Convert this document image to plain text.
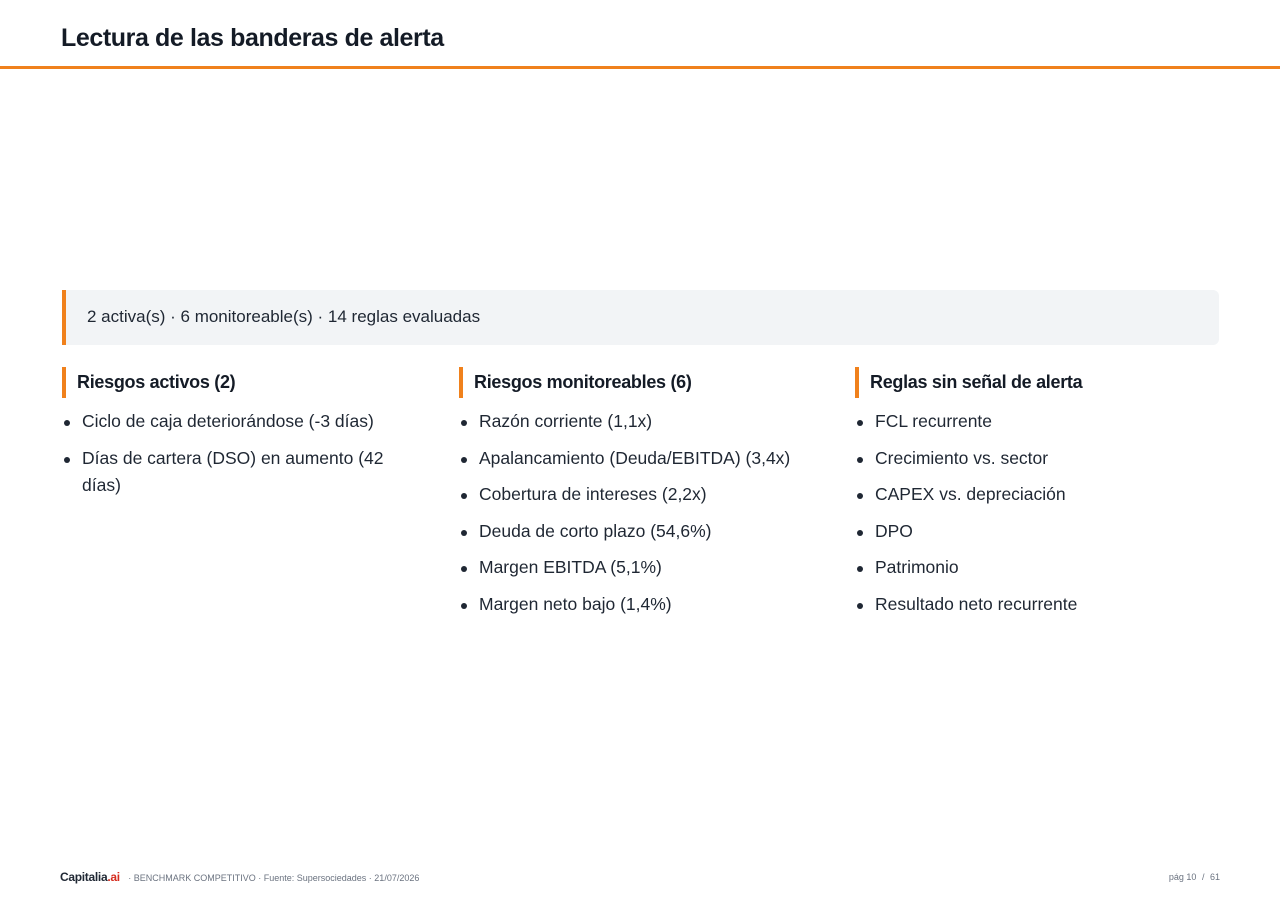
Lectura de las banderas de alerta
2 activa(s) · 6 monitoreable(s) · 14 reglas evaluadas
Riesgos activos (2)
Ciclo de caja deteriorándose (-3 días)
Días de cartera (DSO) en aumento (42 días)
Riesgos monitoreables (6)
Razón corriente (1,1x)
Apalancamiento (Deuda/EBITDA) (3,4x)
Cobertura de intereses (2,2x)
Deuda de corto plazo (54,6%)
Margen EBITDA (5,1%)
Margen neto bajo (1,4%)
Reglas sin señal de alerta
FCL recurrente
Crecimiento vs. sector
CAPEX vs. depreciación
DPO
Patrimonio
Resultado neto recurrente
Capitalia.ai · BENCHMARK COMPETITIVO · Fuente: Supersociedades · 21/07/2026	pág 10 / 61
